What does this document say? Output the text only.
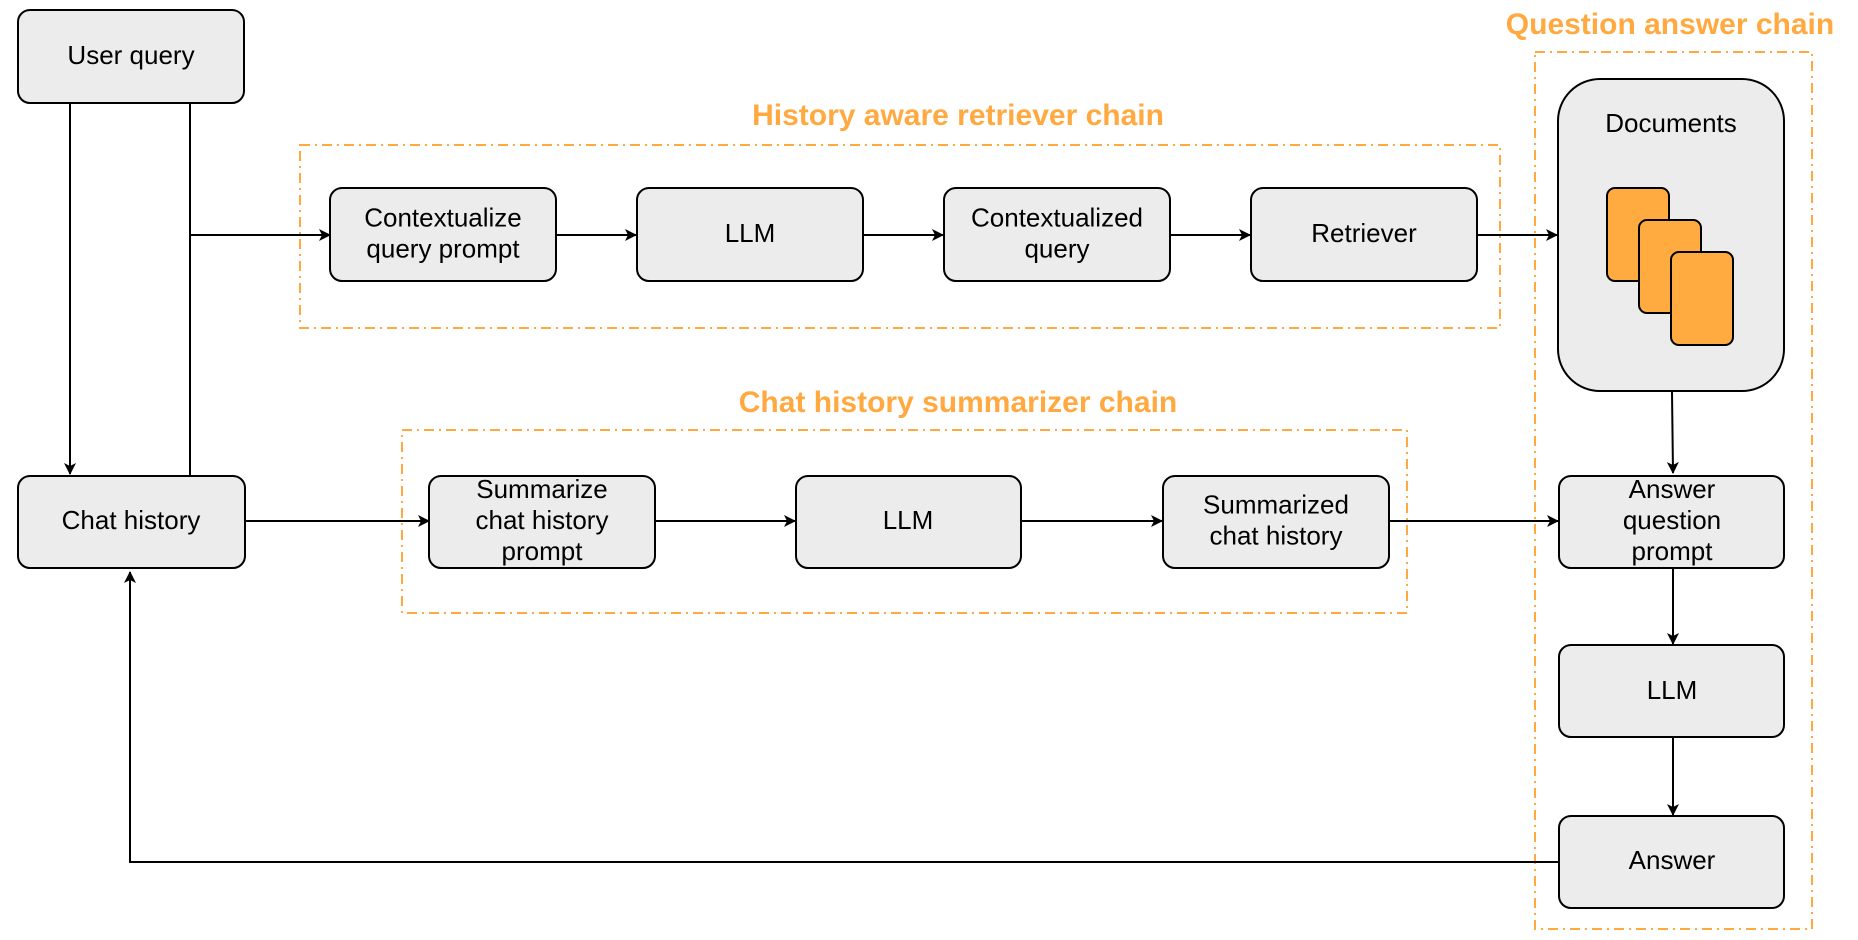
History aware retriever chain
Chat history summarizer chain
Question answer chain
User query
Chat history
Contextualize query prompt
LLM
Contextualized query
Retriever
Summarize chat history prompt
LLM
Summarized chat history
Documents
Answer question prompt
LLM
Answer
